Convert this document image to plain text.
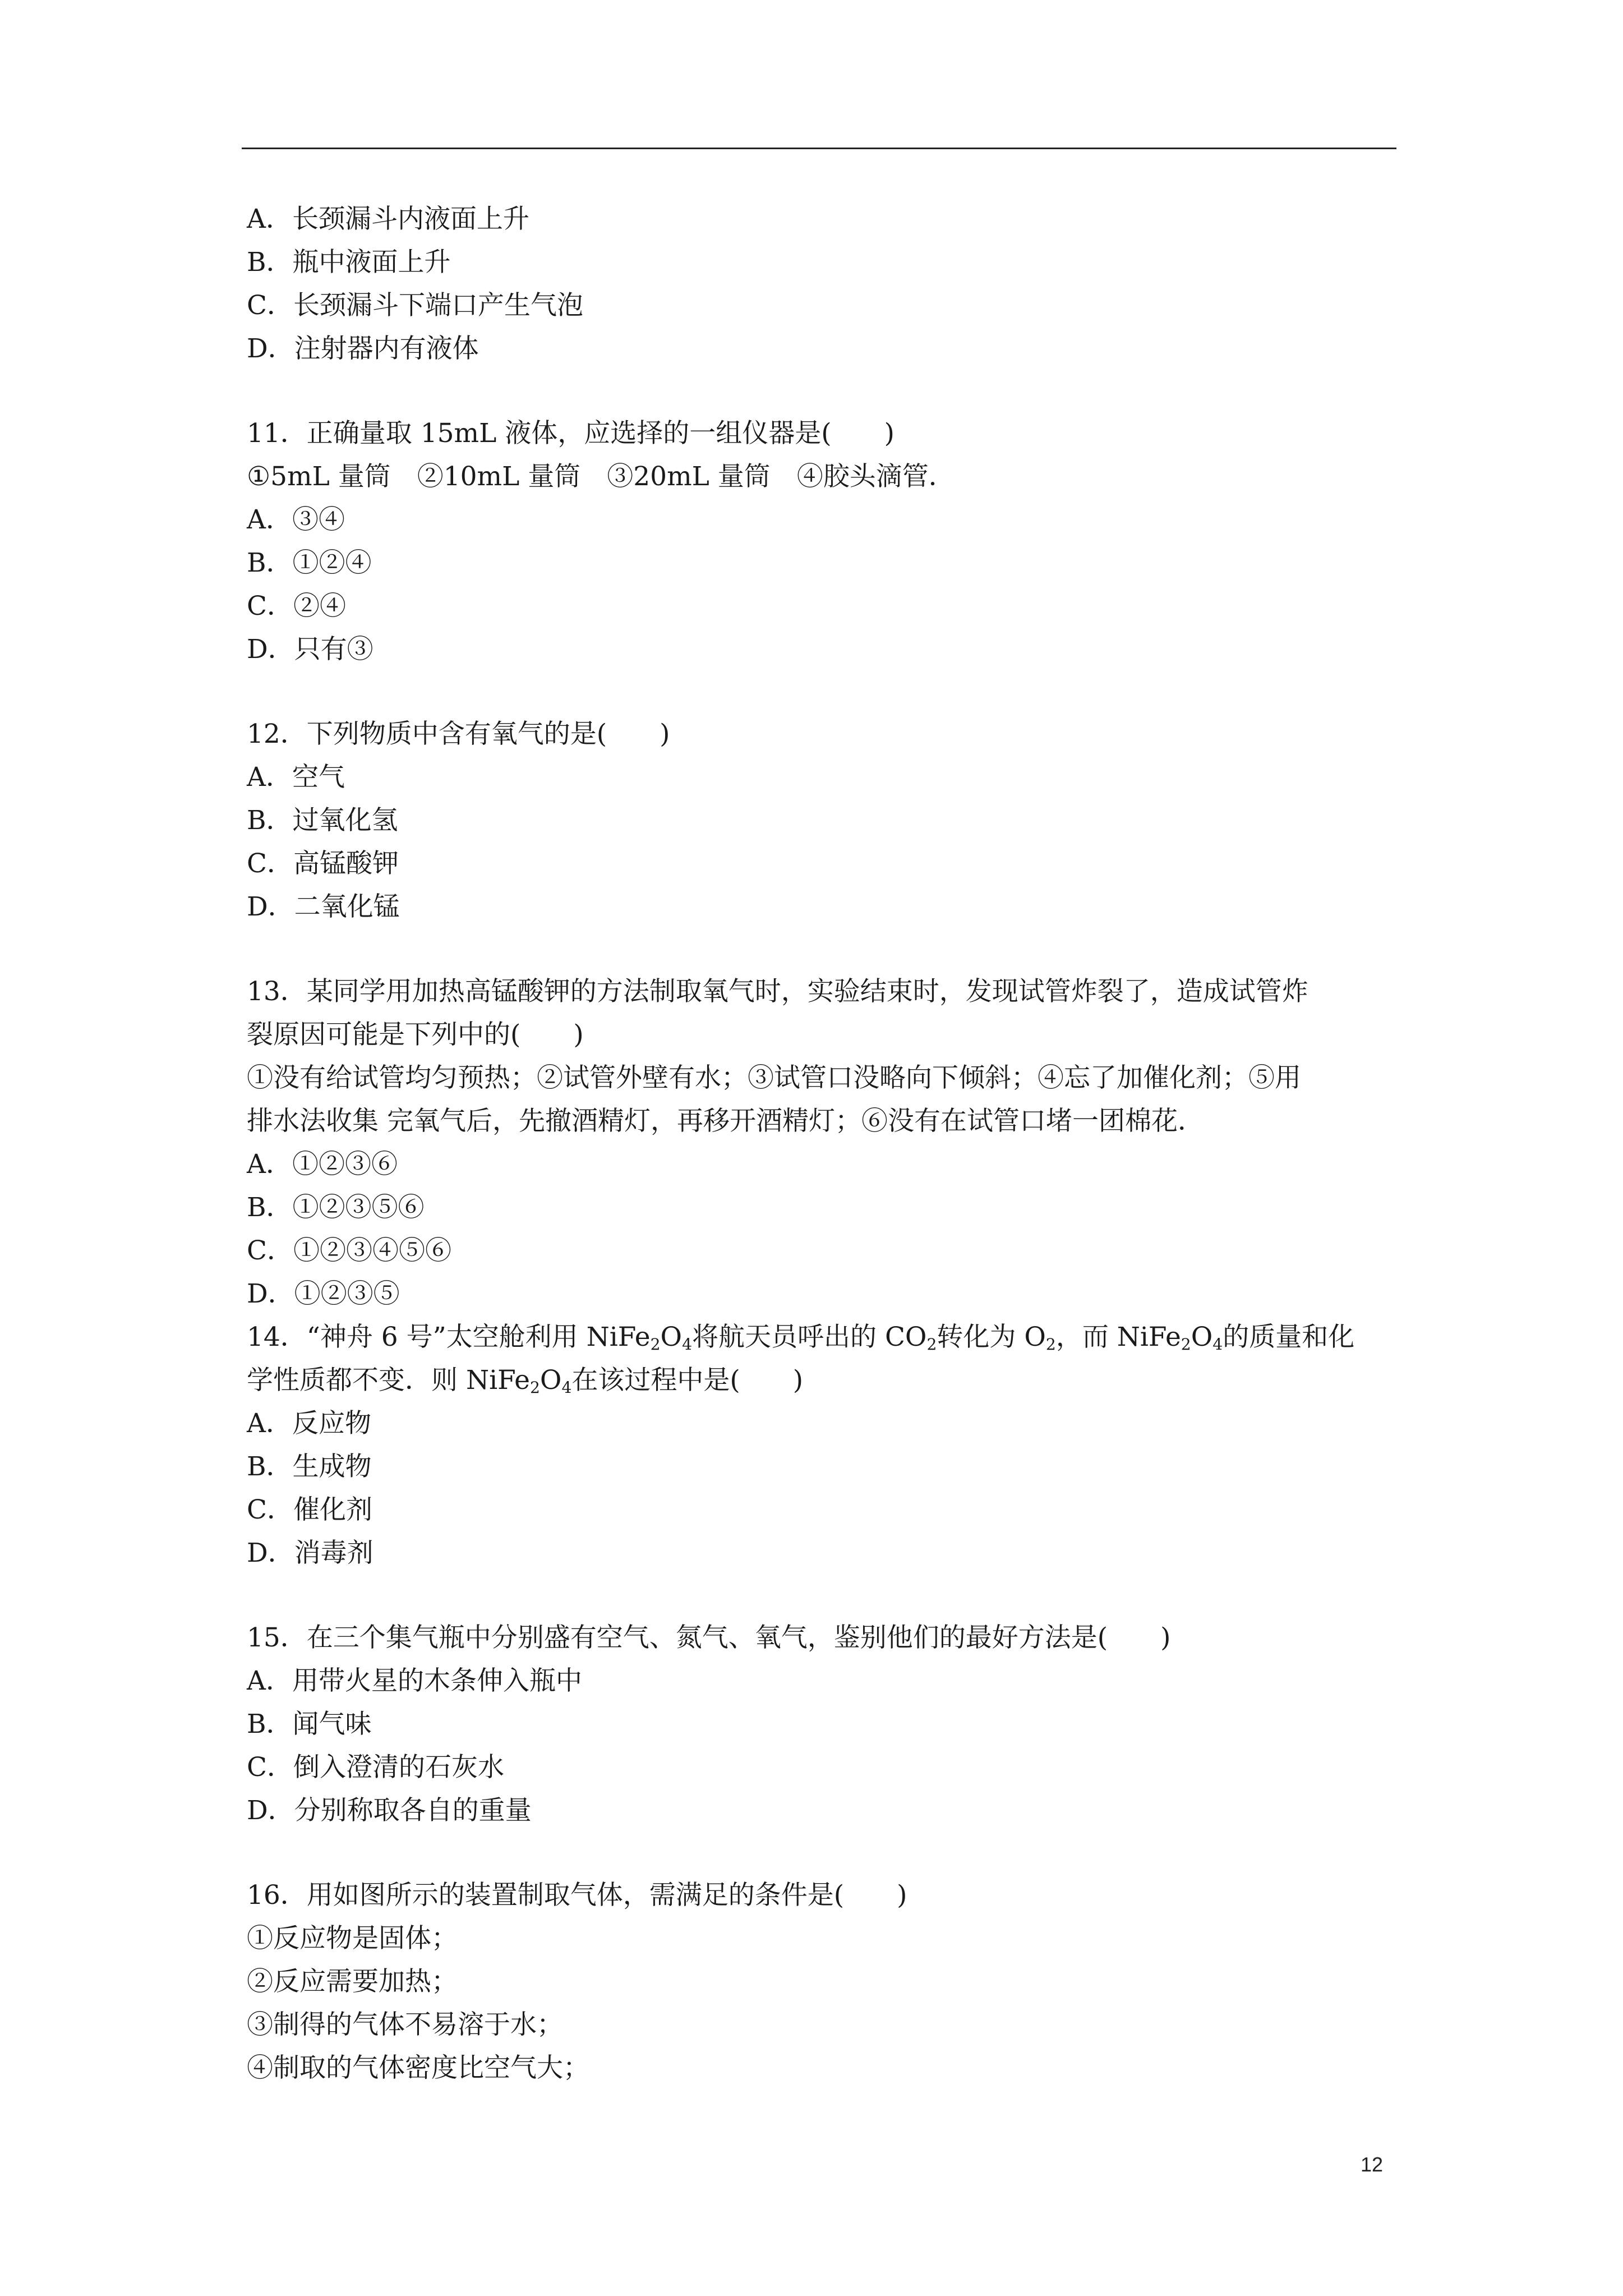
A．长颈漏斗内液面上升
B．瓶中液面上升
C．长颈漏斗下端口产生气泡
D．注射器内有液体
11．正确量取 15mL 液体，应选择的一组仪器是(　　)
①5mL 量筒　②10mL 量筒　③20mL 量筒　④胶头滴管．
A．③④
B．①②④
C．②④
D．只有③
12．下列物质中含有氧气的是(　　)
A．空气
B．过氧化氢
C．高锰酸钾
D．二氧化锰
13．某同学用加热高锰酸钾的方法制取氧气时，实验结束时，发现试管炸裂了，造成试管炸
裂原因可能是下列中的(　　)
①没有给试管均匀预热；②试管外壁有水；③试管口没略向下倾斜；④忘了加催化剂；⑤用
排水法收集 完氧气后，先撤酒精灯，再移开酒精灯；⑥没有在试管口堵一团棉花．
A．①②③⑥
B．①②③⑤⑥
C．①②③④⑤⑥
D．①②③⑤
14．“神舟 6 号”太空舱利用 $NiFe_2O_4$将航天员呼出的 $CO_2$转化为 $O_2$，而 $NiFe_2O_4$的质量和化
学性质都不变．则 $NiFe_2O_4$在该过程中是(　　)
A．反应物
B．生成物
C．催化剂
D．消毒剂
15．在三个集气瓶中分别盛有空气、氮气、氧气，鉴别他们的最好方法是(　　)
A．用带火星的木条伸入瓶中
B．闻气味
C．倒入澄清的石灰水
D．分别称取各自的重量
16．用如图所示的装置制取气体，需满足的条件是(　　)
①反应物是固体；
②反应需要加热；
③制得的气体不易溶于水；
④制取的气体密度比空气大；
12
